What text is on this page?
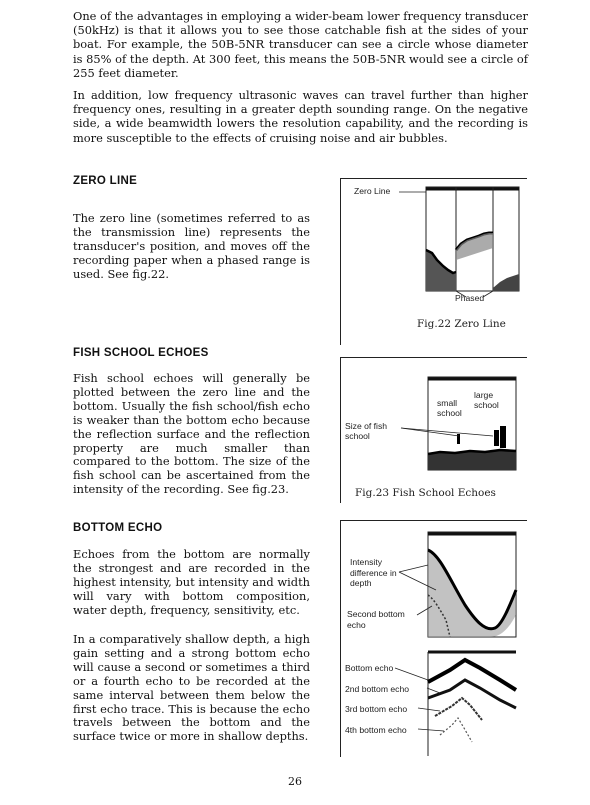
One of the advantages in employing a wider-beam lower frequency transducer (50kHz) is that it allows you to see those catchable fish at the sides of your boat. For example, the 50B-5NR transducer can see a circle whose diameter is 85% of the depth. At 300 feet, this means the 50B-5NR would see a circle of 255 feet diameter.

In addition, low frequency ultrasonic waves can travel further than higher frequency ones, resulting in a greater depth sounding range. On the negative side, a wide beamwidth lowers the resolution capability, and the recording is more susceptible to the effects of cruising noise and air bubbles.

ZERO LINE

The zero line (sometimes referred to as the transmission line) represents the transducer's position, and moves off the recording paper when a phased range is used. See fig.22.

Zero Line
Phased
Fig.22 Zero Line
FISH SCHOOL ECHOES

Fish school echoes will generally be plotted between the zero line and the bottom. Usually the fish school/fish echo is weaker than the bottom echo because the reflection surface and the reflection property are much smaller than compared to the bottom. The size of the fish school can be ascertained from the intensity of the recording. See fig.23.

small
school
large
school
Size of fish
school
Fig.23 Fish School Echoes
BOTTOM ECHO

Echoes from the bottom are normally the strongest and are recorded in the highest intensity, but intensity and width will vary with bottom composition, water depth, frequency, sensitivity, etc.

In a comparatively shallow depth, a high gain setting and a strong bottom echo will cause a second or sometimes a third or a fourth echo to be recorded at the same interval between them below the first echo trace. This is because the echo travels between the bottom and the surface twice or more in shallow depths.

Intensity
difference in
depth
Second bottom
echo
Bottom echo
2nd bottom echo
3rd bottom echo
4th bottom echo
26
